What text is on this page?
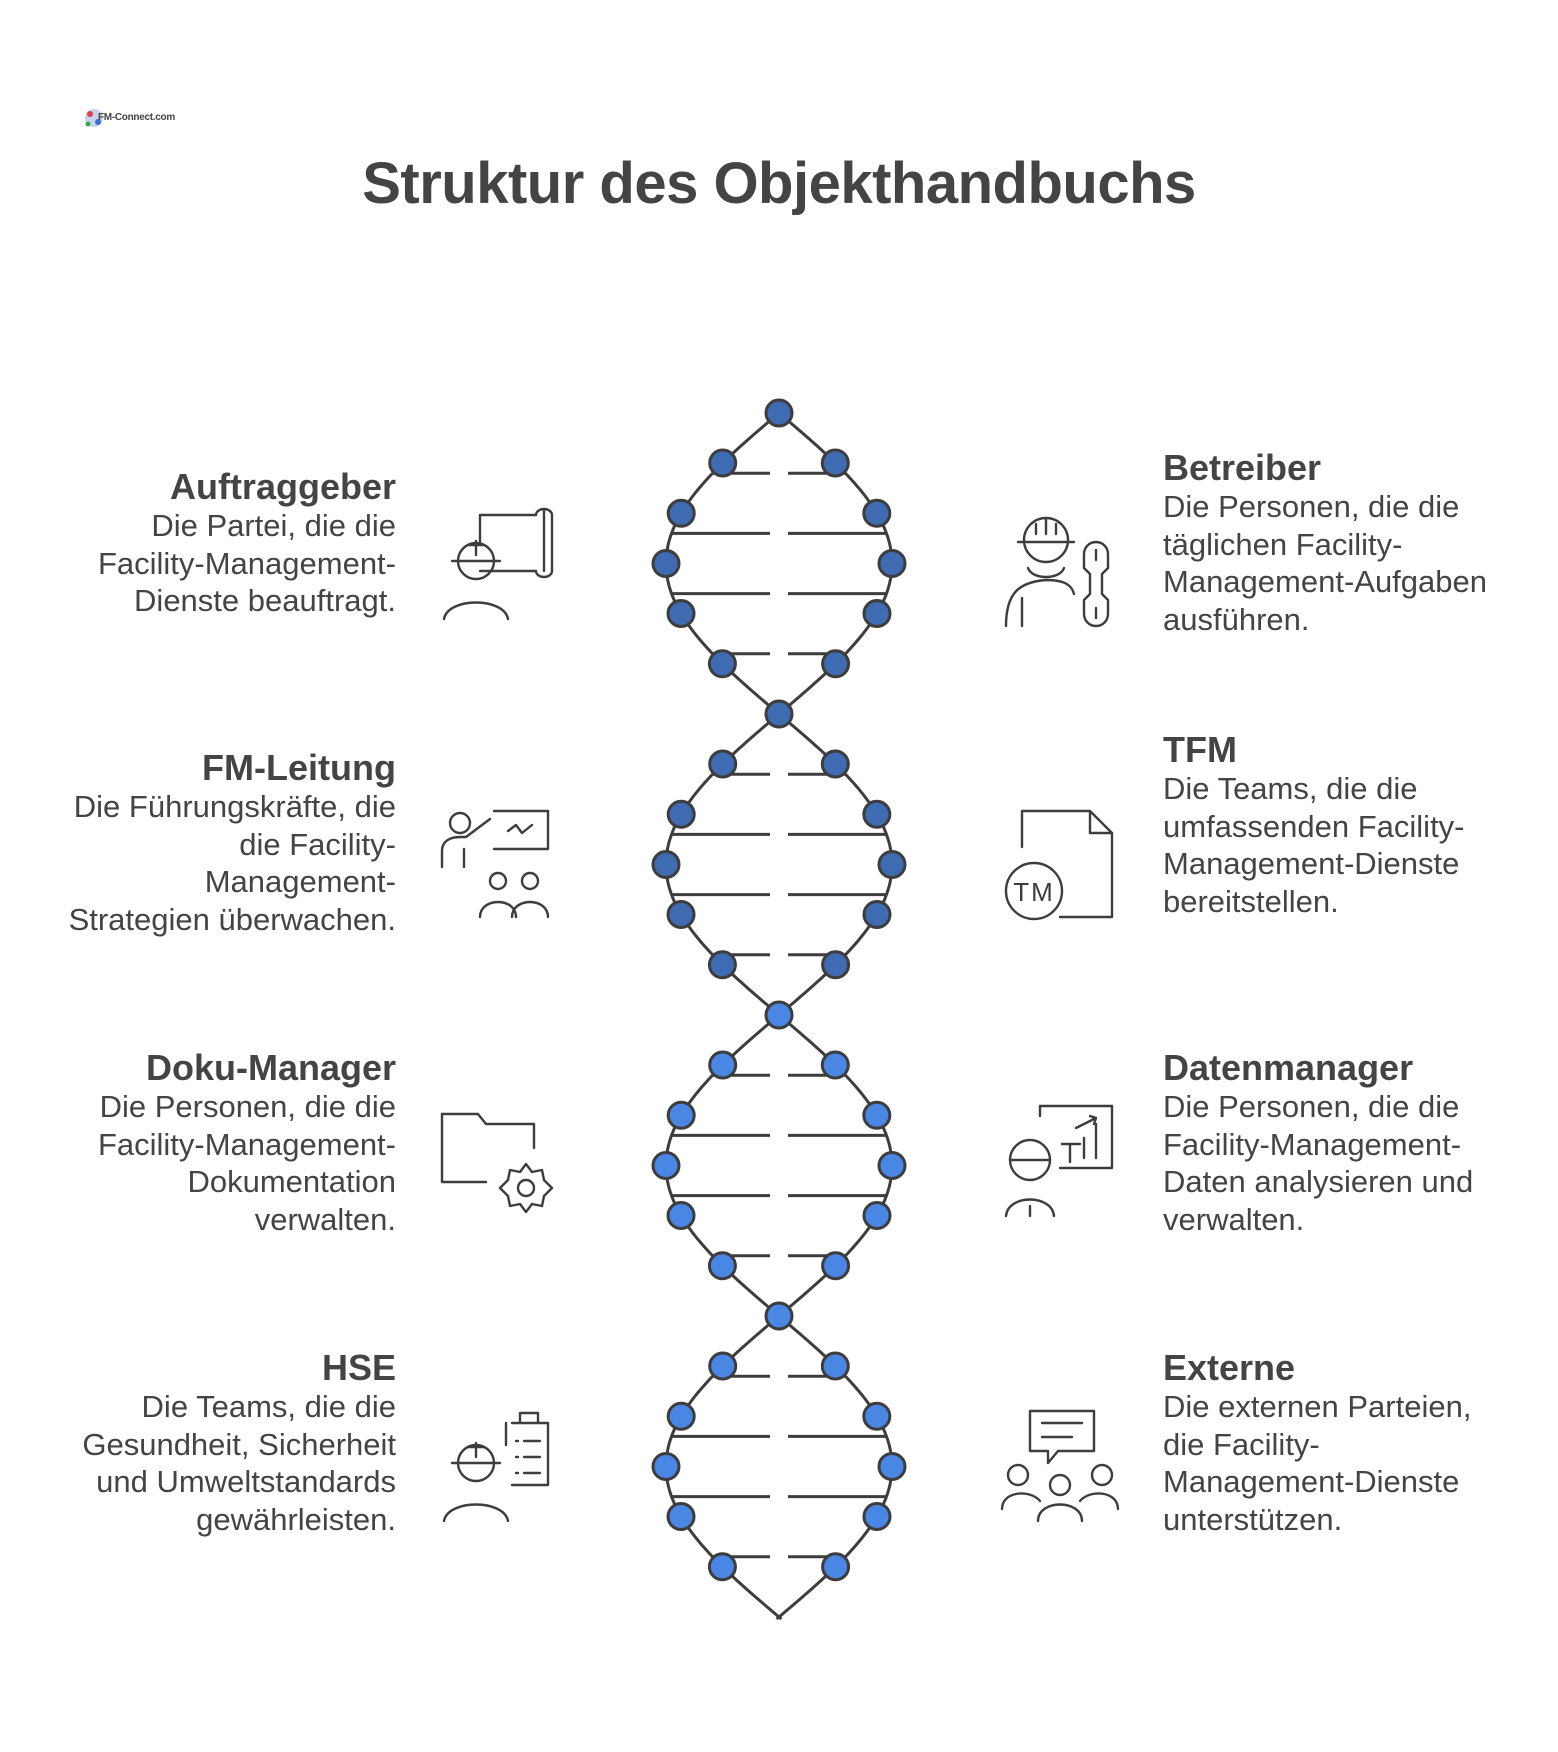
FM-Connect.com
Struktur des Objekthandbuchs
Auftraggeber

Die Partei, die die Facility-Management-Dienste beauftragt.

FM-Leitung

Die Führungskräfte, die die Facility-Management-Strategien überwachen.

Doku-Manager

Die Personen, die die Facility-Management-Dokumentation verwalten.

HSE

Die Teams, die die Gesundheit, Sicherheit und Umweltstandards gewährleisten.

Betreiber

Die Personen, die die täglichen Facility-Management-Aufgaben ausführen.

TFM

Die Teams, die die umfassenden Facility-Management-Dienste bereitstellen.

Datenmanager

Die Personen, die die Facility-Management-Daten analysieren und verwalten.

Externe

Die externen Parteien, die Facility-Management-Dienste unterstützen.

TM
